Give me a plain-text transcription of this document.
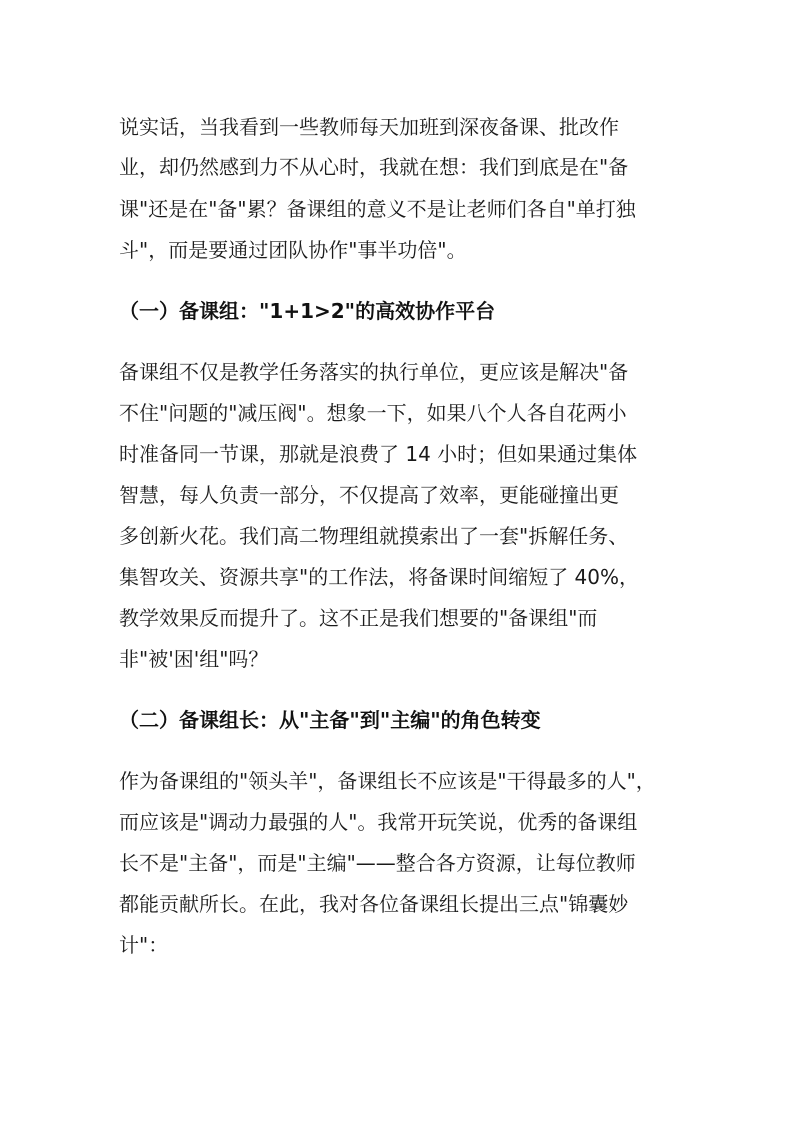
说实话，当我看到一些教师每天加班到深夜备课、批改作
业，却仍然感到力不从心时，我就在想：我们到底是在"备
课"还是在"备"累？备课组的意义不是让老师们各自"单打独
斗"，而是要通过团队协作"事半功倍"。
（一）备课组："1+1>2"的高效协作平台
备课组不仅是教学任务落实的执行单位，更应该是解决"备
不住"问题的"减压阀"。想象一下，如果八个人各自花两小
时准备同一节课，那就是浪费了 14 小时；但如果通过集体
智慧，每人负责一部分，不仅提高了效率，更能碰撞出更
多创新火花。我们高二物理组就摸索出了一套"拆解任务、
集智攻关、资源共享"的工作法，将备课时间缩短了 40%，
教学效果反而提升了。这不正是我们想要的"备课组"而
非"被'困'组"吗？
（二）备课组长：从"主备"到"主编"的角色转变
作为备课组的"领头羊"，备课组长不应该是"干得最多的人"，
而应该是"调动力最强的人"。我常开玩笑说，优秀的备课组
长不是"主备"，而是"主编"——整合各方资源，让每位教师
都能贡献所长。在此，我对各位备课组长提出三点"锦囊妙
计"：
